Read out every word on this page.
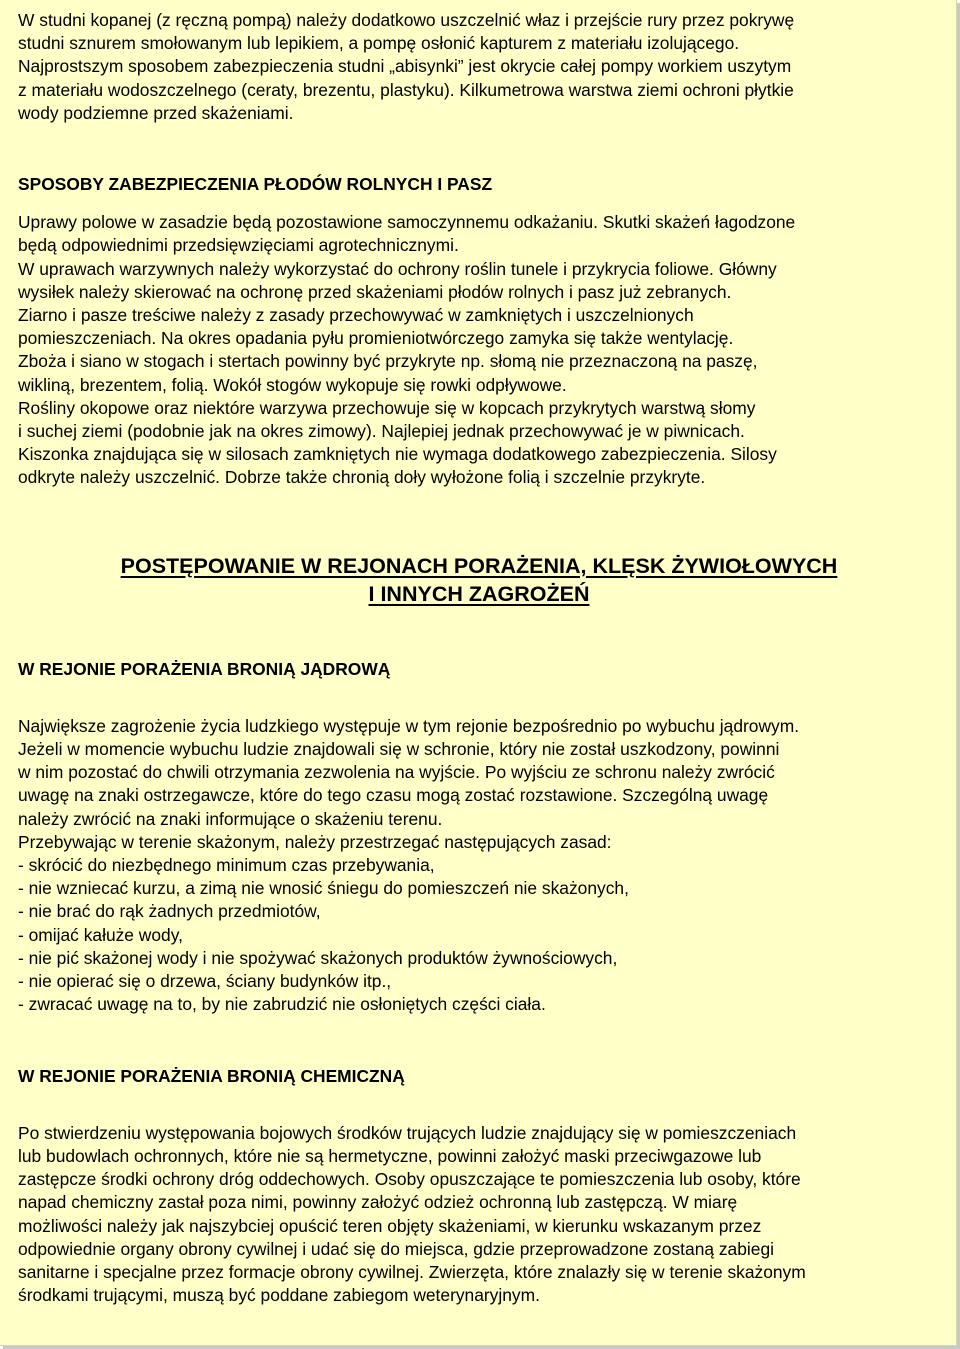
W studni kopanej (z ręczną pompą) należy dodatkowo uszczelnić właz i przejście rury przez pokrywę
studni sznurem smołowanym lub lepikiem, a pompę osłonić kapturem z materiału izolującego.
Najprostszym sposobem zabezpieczenia studni „abisynki” jest okrycie całej pompy workiem uszytym
z materiału wodoszczelnego (ceraty, brezentu, plastyku). Kilkumetrowa warstwa ziemi ochroni płytkie
wody podziemne przed skażeniami.

SPOSOBY ZABEZPIECZENIA PŁODÓW ROLNYCH I PASZ

Uprawy polowe w zasadzie będą pozostawione samoczynnemu odkażaniu. Skutki skażeń łagodzone
będą odpowiednimi przedsięwzięciami agrotechnicznymi.
W uprawach warzywnych należy wykorzystać do ochrony roślin tunele i przykrycia foliowe. Główny
wysiłek należy skierować na ochronę przed skażeniami płodów rolnych i pasz już zebranych.
Ziarno i pasze treściwe należy z zasady przechowywać w zamkniętych i uszczelnionych
pomieszczeniach. Na okres opadania pyłu promieniotwórczego zamyka się także wentylację.
Zboża i siano w stogach i stertach powinny być przykryte np. słomą nie przeznaczoną na paszę,
wikliną, brezentem, folią. Wokół stogów wykopuje się rowki odpływowe.
Rośliny okopowe oraz niektóre warzywa przechowuje się w kopcach przykrytych warstwą słomy
i suchej ziemi (podobnie jak na okres zimowy). Najlepiej jednak przechowywać je w piwnicach.
Kiszonka znajdująca się w silosach zamkniętych nie wymaga dodatkowego zabezpieczenia. Silosy
odkryte należy uszczelnić. Dobrze także chronią doły wyłożone folią i szczelnie przykryte.

POSTĘPOWANIE W REJONACH PORAŻENIA, KLĘSK ŻYWIOŁOWYCH
I INNYCH ZAGROŻEŃ
W REJONIE PORAŻENIA BRONIĄ JĄDROWĄ

Największe zagrożenie życia ludzkiego występuje w tym rejonie bezpośrednio po wybuchu jądrowym.
Jeżeli w momencie wybuchu ludzie znajdowali się w schronie, który nie został uszkodzony, powinni
w nim pozostać do chwili otrzymania zezwolenia na wyjście. Po wyjściu ze schronu należy zwrócić
uwagę na znaki ostrzegawcze, które do tego czasu mogą zostać rozstawione. Szczególną uwagę
należy zwrócić na znaki informujące o skażeniu terenu.
Przebywając w terenie skażonym, należy przestrzegać następujących zasad:
- skrócić do niezbędnego minimum czas przebywania,
- nie wzniecać kurzu, a zimą nie wnosić śniegu do pomieszczeń nie skażonych,
- nie brać do rąk żadnych przedmiotów,
- omijać kałuże wody,
- nie pić skażonej wody i nie spożywać skażonych produktów żywnościowych,
- nie opierać się o drzewa, ściany budynków itp.,
- zwracać uwagę na to, by nie zabrudzić nie osłoniętych części ciała.

W REJONIE PORAŻENIA BRONIĄ CHEMICZNĄ

Po stwierdzeniu występowania bojowych środków trujących ludzie znajdujący się w pomieszczeniach
lub budowlach ochronnych, które nie są hermetyczne, powinni założyć maski przeciwgazowe lub
zastępcze środki ochrony dróg oddechowych. Osoby opuszczające te pomieszczenia lub osoby, które
napad chemiczny zastał poza nimi, powinny założyć odzież ochronną lub zastępczą. W miarę
możliwości należy jak najszybciej opuścić teren objęty skażeniami, w kierunku wskazanym przez
odpowiednie organy obrony cywilnej i udać się do miejsca, gdzie przeprowadzone zostaną zabiegi
sanitarne i specjalne przez formacje obrony cywilnej. Zwierzęta, które znalazły się w terenie skażonym
środkami trującymi, muszą być poddane zabiegom weterynaryjnym.
